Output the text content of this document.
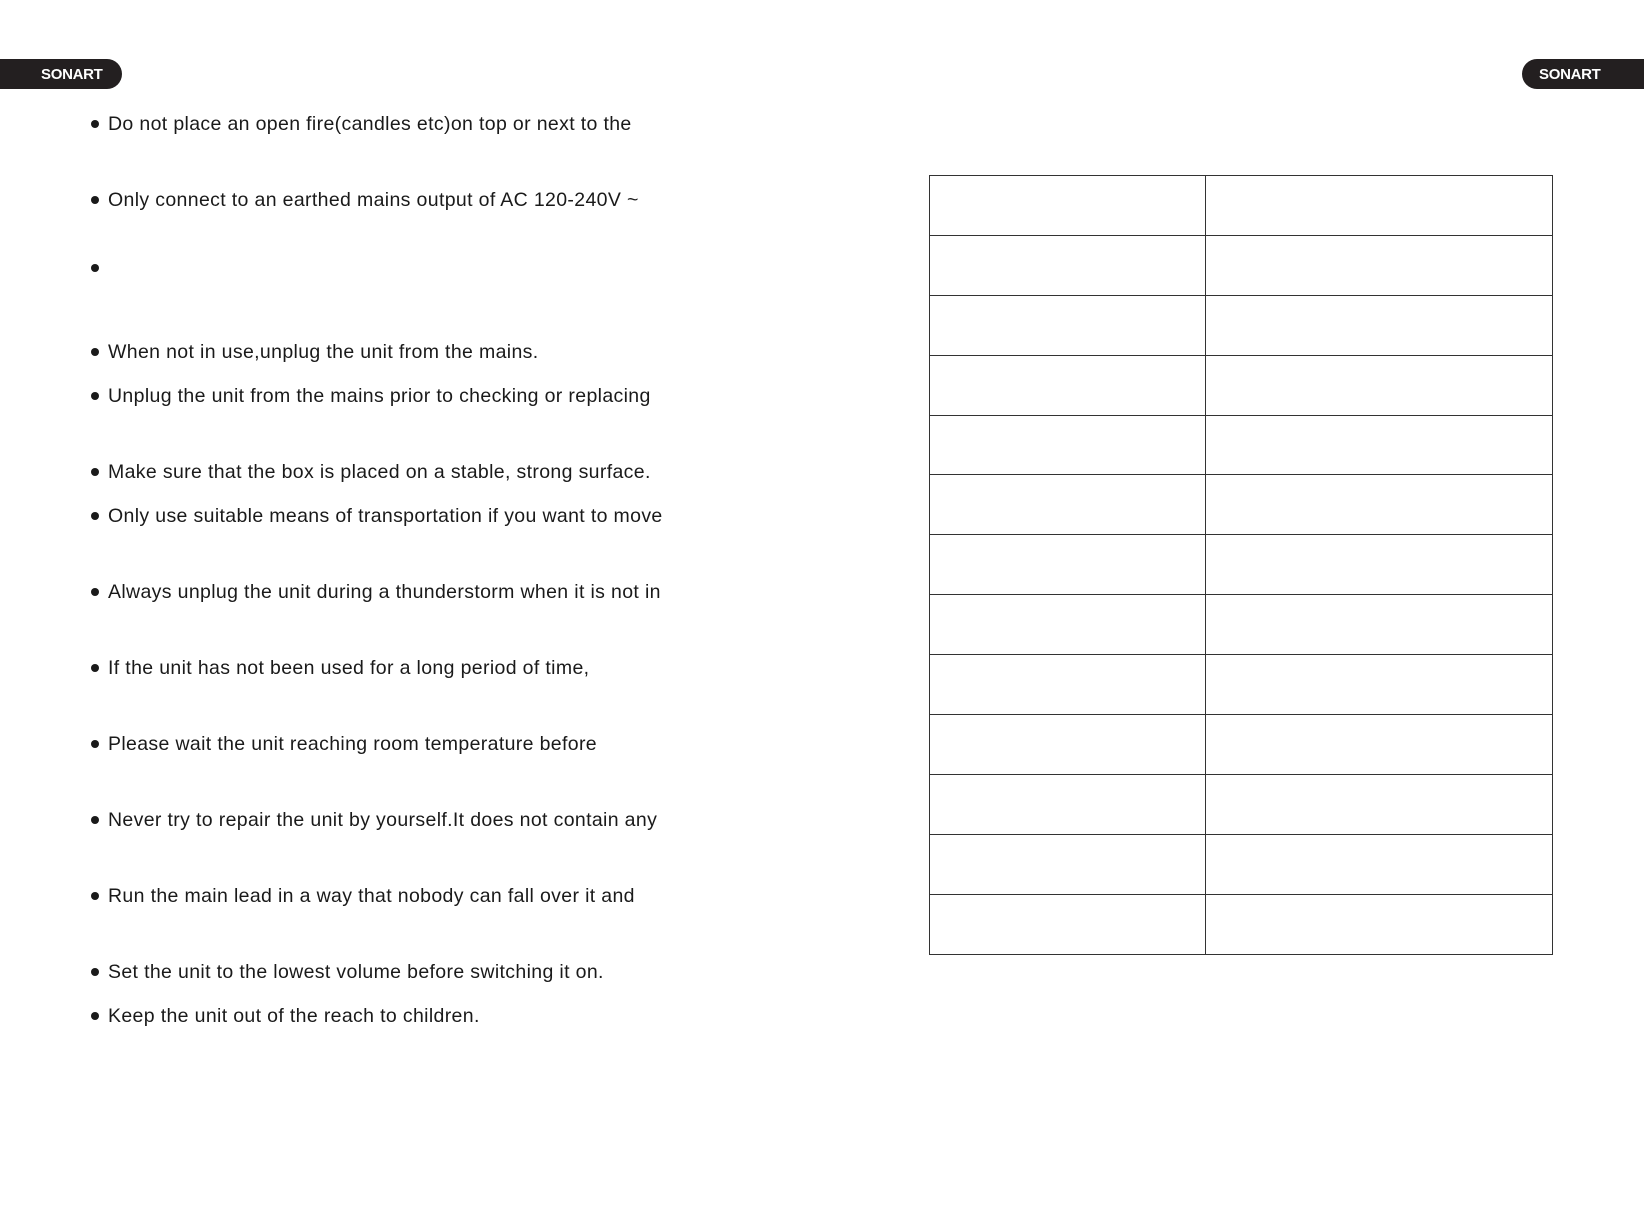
SONART	SONART
Do not place an open fire(candles etc)on top or next to the
Only connect to an earthed mains output of AC 120-240V ~
When not in use,unplug the unit from the mains.
Unplug the unit from the mains prior to checking or replacing
Make sure that the box is placed on a stable, strong surface.
Only use suitable means of transportation if you want to move
Always unplug the unit during a thunderstorm when it is not in
If the unit has not been used for a long period of time,
Please wait the unit reaching room temperature before
Never try to repair the unit by yourself.It does not contain any
Run the main lead in a way that nobody can fall over it and
Set the unit to the lowest volume before switching it on.
Keep the unit out of the reach to children.
